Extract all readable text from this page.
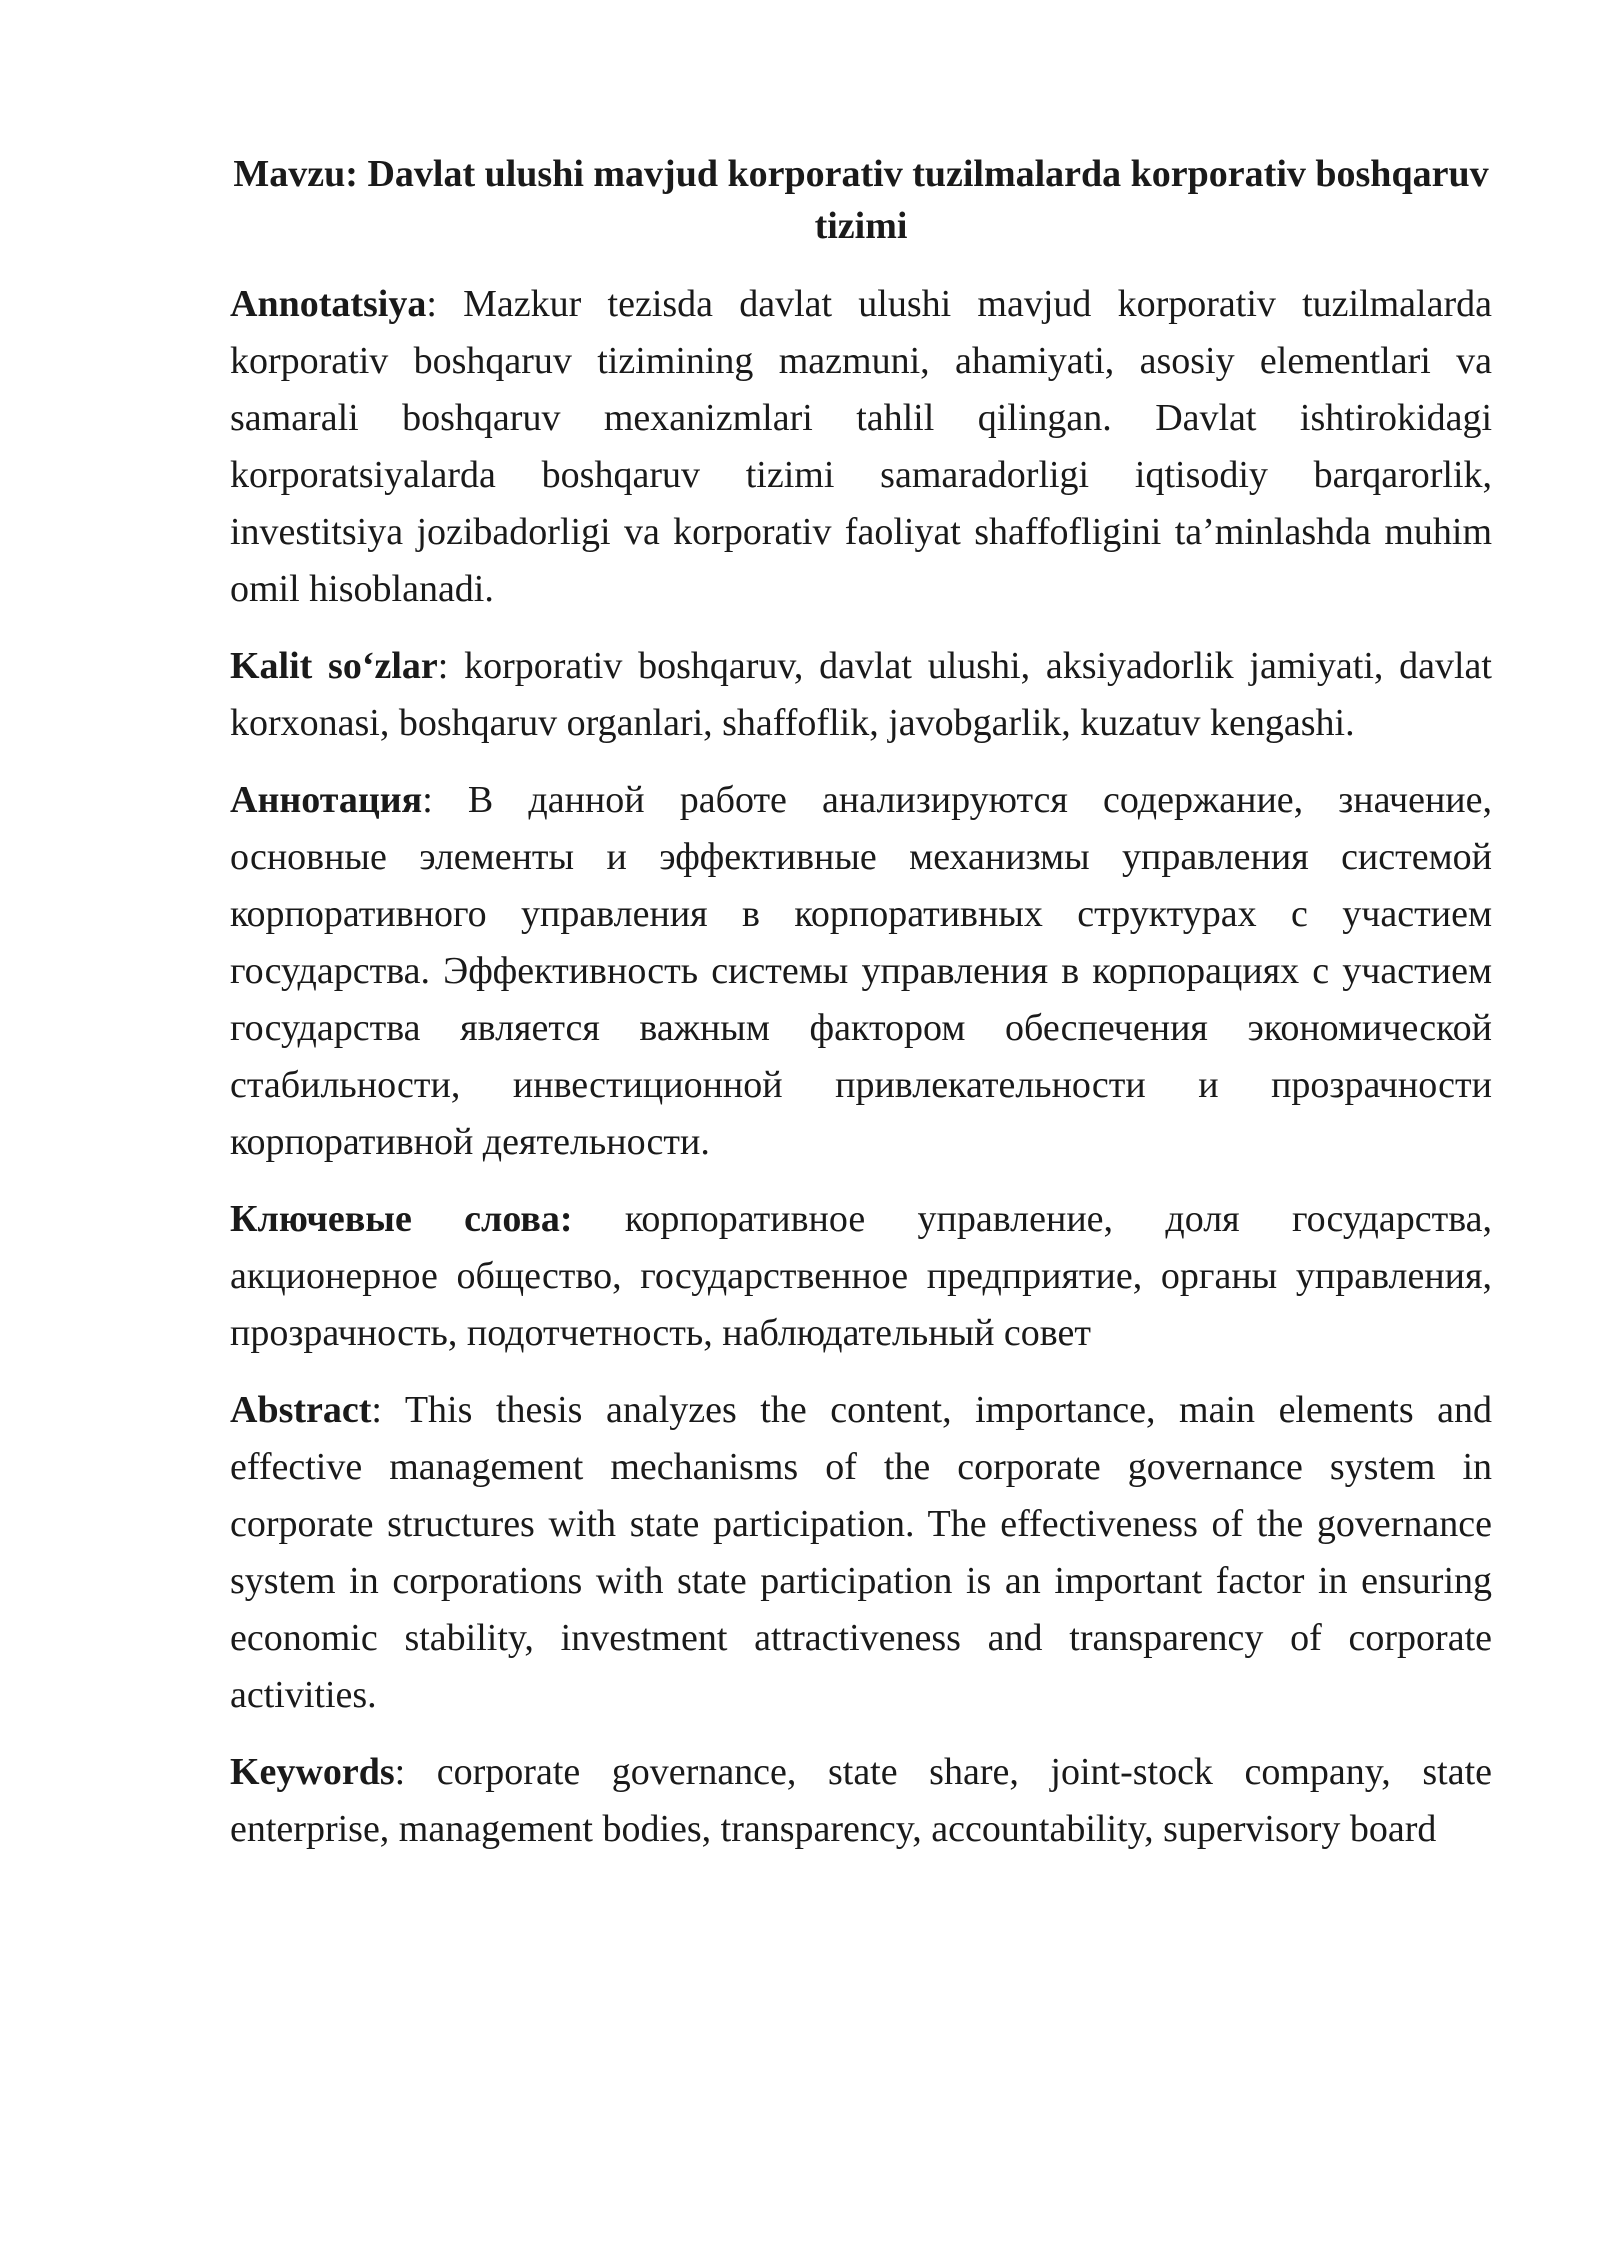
Mavzu: Davlat ulushi mavjud korporativ tuzilmalarda korporativ boshqaruv tizimi

Annotatsiya: Mazkur tezisda davlat ulushi mavjud korporativ tuzilmalarda korporativ boshqaruv tizimining mazmuni, ahamiyati, asosiy elementlari va samarali boshqaruv mexanizmlari tahlil qilingan. Davlat ishtirokidagi korporatsiyalarda boshqaruv tizimi samaradorligi iqtisodiy barqarorlik, investitsiya jozibadorligi va korporativ faoliyat shaffofligini ta’minlashda muhim omil hisoblanadi.

Kalit so‘zlar: korporativ boshqaruv, davlat ulushi, aksiyadorlik jamiyati, davlat korxonasi, boshqaruv organlari, shaffoflik, javobgarlik, kuzatuv kengashi.

Аннотация: В данной работе анализируются содержание, значение, основные элементы и эффективные механизмы управления системой корпоративного управления в корпоративных структурах с участием государства. Эффективность системы управления в корпорациях с участием государства является важным фактором обеспечения экономической стабильности, инвестиционной привлекательности и прозрачности корпоративной деятельности.

Ключевые слова: корпоративное управление, доля государства, акционерное общество, государственное предприятие, органы управления, прозрачность, подотчетность, наблюдательный совет

Abstract: This thesis analyzes the content, importance, main elements and effective management mechanisms of the corporate governance system in corporate structures with state participation. The effectiveness of the governance system in corporations with state participation is an important factor in ensuring economic stability, investment attractiveness and transparency of corporate activities.

Keywords: corporate governance, state share, joint-stock company, state enterprise, management bodies, transparency, accountability, supervisory board
